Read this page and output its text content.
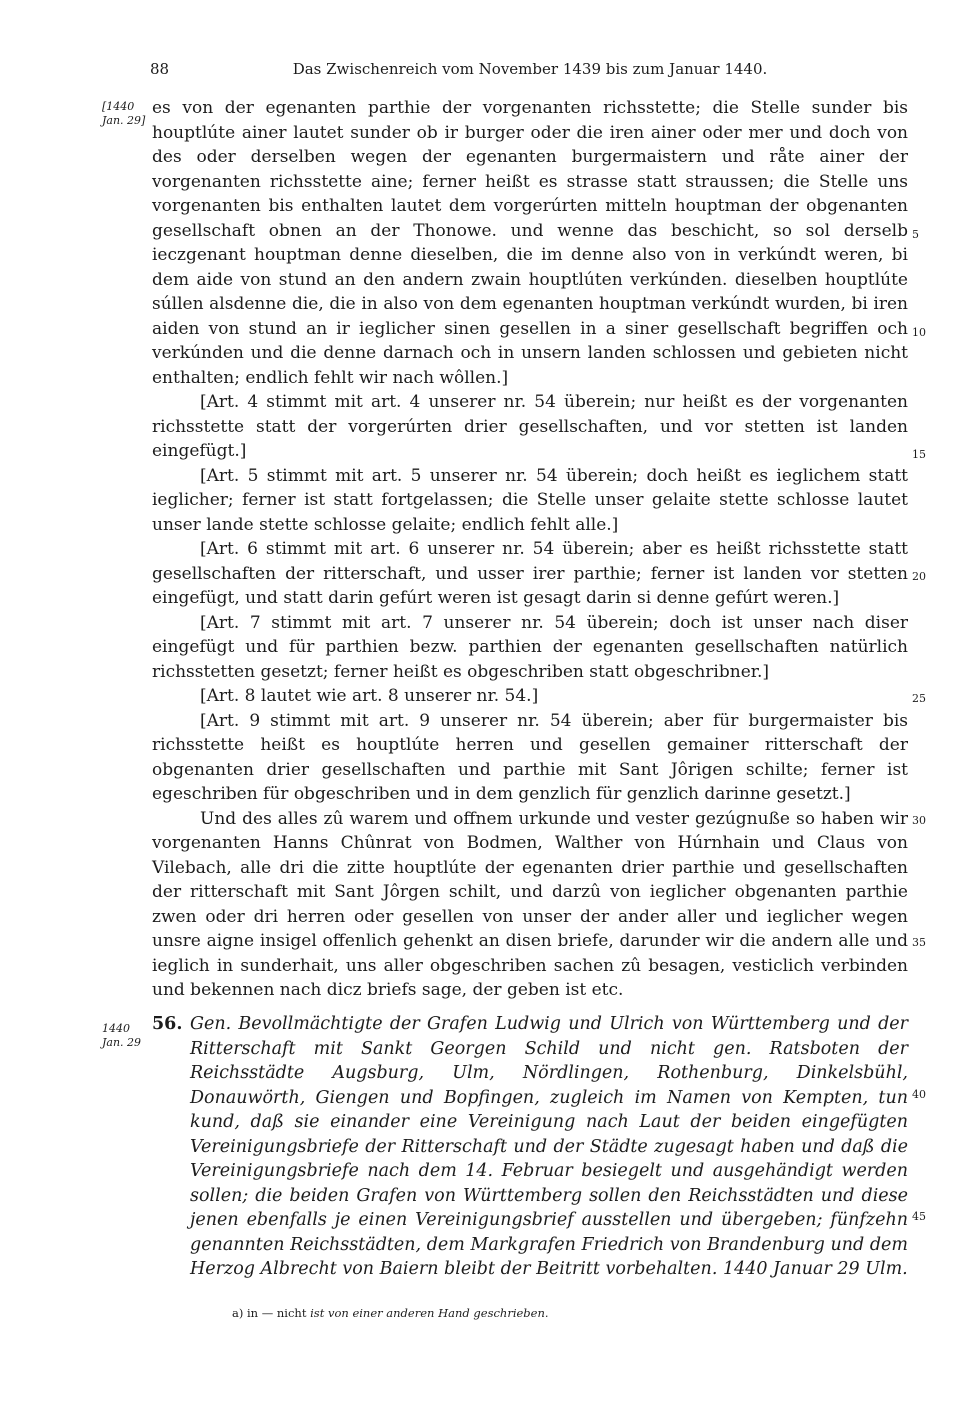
88	Das Zwischenreich vom November 1439 bis zum Januar 1440.
[1440 Jan. 29]

es von der egenanten parthie der vorgenanten richsstette; die Stelle sunder bis houptlúte ainer lautet sunder ob ir burger oder die iren ainer oder mer und doch von des oder derselben wegen der egenanten burgermaistern und råte ainer der vorgenanten richsstette aine; ferner heißt es strasse statt straussen; die Stelle uns vorgenanten bis enthalten lautet dem vorgerúrten mitteln houptman der obgenanten gesellschaft obnen an der Thonowe. und wenne das beschicht, so sol derselb ieczgenant houptman denne dieselben, die im denne also von in verkúndt weren, bi dem aide von stund an den andern zwain houptlúten verkúnden. dieselben houptlúte súllen alsdenne die, die in also von dem egenanten houptman verkúndt wurden, bi iren aiden von stund an ir ieglicher sinen gesellen in a siner gesellschaft begriffen och verkúnden und die denne darnach och in unsern landen schlossen und gebieten nicht enthalten; endlich fehlt wir nach wôllen.]

[Art. 4 stimmt mit art. 4 unserer nr. 54 überein; nur heißt es der vorgenanten richsstette statt der vorgerúrten drier gesellschaften, und vor stetten ist landen eingefügt.]

[Art. 5 stimmt mit art. 5 unserer nr. 54 überein; doch heißt es ieglichem statt ieglicher; ferner ist statt fortgelassen; die Stelle unser gelaite stette schlosse lautet unser lande stette schlosse gelaite; endlich fehlt alle.]

[Art. 6 stimmt mit art. 6 unserer nr. 54 überein; aber es heißt richsstette statt gesellschaften der ritterschaft, und usser irer parthie; ferner ist landen vor stetten eingefügt, und statt darin gefúrt weren ist gesagt darin si denne gefúrt weren.]

[Art. 7 stimmt mit art. 7 unserer nr. 54 überein; doch ist unser nach diser eingefügt und für parthien bezw. parthien der egenanten gesellschaften natürlich richsstetten gesetzt; ferner heißt es obgeschriben statt obgeschribner.]

[Art. 8 lautet wie art. 8 unserer nr. 54.]

[Art. 9 stimmt mit art. 9 unserer nr. 54 überein; aber für burgermaister bis richsstette heißt es houptlúte herren und gesellen gemainer ritterschaft der obgenanten drier gesellschaften und parthie mit Sant Jôrigen schilte; ferner ist egeschriben für obgeschriben und in dem genzlich für genzlich darinne gesetzt.]

Und des alles zû warem und offnem urkunde und vester gezúgnuße so haben wir vorgenanten Hanns Chûnrat von Bodmen, Walther von Húrnhain und Claus von Vilebach, alle dri die zitte houptlúte der egenanten drier parthie und gesellschaften der ritterschaft mit Sant Jôrgen schilt, und darzû von ieglicher obgenanten parthie zwen oder dri herren oder gesellen von unser der ander aller und ieglicher wegen unsre aigne insigel offenlich gehenkt an disen briefe, darunder wir die andern alle und ieglich in sunderhait, uns aller obgeschriben sachen zû besagen, vesticlich verbinden und bekennen nach dicz briefs sage, der geben ist etc.

5
10
15
20
25
30
35
40
45
1440 Jan. 29
56. Gen. Bevollmächtigte der Grafen Ludwig und Ulrich von Württemberg und der Ritterschaft mit Sankt Georgen Schild und nicht gen. Ratsboten der Reichsstädte Augsburg, Ulm, Nördlingen, Rothenburg, Dinkelsbühl, Donauwörth, Giengen und Bopfingen, zugleich im Namen von Kempten, tun kund, daß sie einander eine Vereinigung nach Laut der beiden eingefügten Vereinigungsbriefe der Ritterschaft und der Städte zugesagt haben und daß die Vereinigungsbriefe nach dem 14. Februar besiegelt und ausgehändigt werden sollen; die beiden Grafen von Württemberg sollen den Reichsstädten und diese jenen ebenfalls je einen Vereinigungsbrief ausstellen und übergeben; fünfzehn genannten Reichsstädten, dem Markgrafen Friedrich von Brandenburg und dem Herzog Albrecht von Baiern bleibt der Beitritt vorbehalten. 1440 Januar 29 Ulm.
a) in — nicht ist von einer anderen Hand geschrieben.
